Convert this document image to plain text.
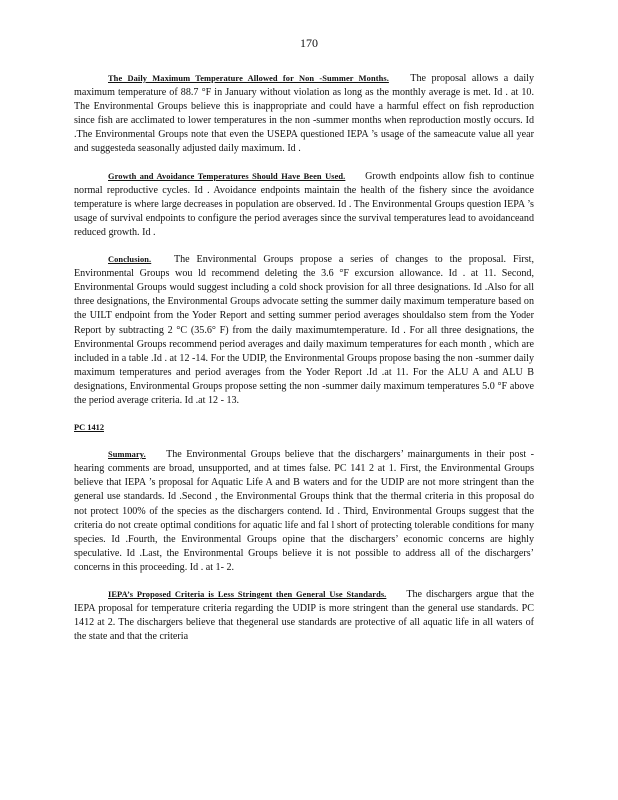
170

The Daily Maximum Temperature Allowed for Non -Summer Months. The proposal allows a daily maximum temperature of 88.7 °F in January without violation as long as the monthly average is met. Id . at 10. The Environmental Groups believe this is inappropriate and could have a harmful effect on fish reproduction since fish are acclimated to lower temperatures in the non -summer months when reproduction mostly occurs. Id .The Environmental Groups note that even the USEPA questioned IEPA ’s usage of the sameacute value all year and suggesteda seasonally adjusted daily maximum. Id .

Growth and Avoidance Temperatures Should Have Been Used. Growth endpoints allow fish to continue normal reproductive cycles. Id . Avoidance endpoints maintain the health of the fishery since the avoidance temperature is where large decreases in population are observed. Id . The Environmental Groups question IEPA ’s usage of survival endpoints to configure the period averages since the survival temperatures lead to avoidanceand reduced growth. Id .

Conclusion. The Environmental Groups propose a series of changes to the proposal. First, Environmental Groups wou ld recommend deleting the 3.6 °F excursion allowance. Id . at 11. Second, Environmental Groups would suggest including a cold shock provision for all three designations. Id .Also for all three designations, the Environmental Groups advocate setting the summer daily maximum temperature based on the UILT endpoint from the Yoder Report and setting summer period averages shouldalso stem from the Yoder Report by subtracting 2 °C (35.6° F) from the daily maximumtemperature. Id . For all three designations, the Environmental Groups recommend period averages and daily maximum temperatures for each month , which are included in a table .Id . at 12 -14. For the UDIP, the Environmental Groups propose basing the non -summer daily maximum temperatures and period averages from the Yoder Report .Id .at 11. For the ALU A and ALU B designations, Environmental Groups propose setting the non -summer daily maximum temperatures 5.0 °F above the period average criteria. Id .at 12 - 13.

PC 1412

Summary. The Environmental Groups believe that the dischargers’ mainarguments in their post -hearing comments are broad, unsupported, and at times false. PC 141 2 at 1. First, the Environmental Groups believe that IEPA ’s proposal for Aquatic Life A and B waters and for the UDIP are not more stringent than the general use standards. Id .Second , the Environmental Groups think that the thermal criteria in this proposal do not protect 100% of the species as the dischargers contend. Id . Third, Environmental Groups suggest that the criteria do not create optimal conditions for aquatic life and fal l short of protecting tolerable conditions for many species. Id .Fourth, the Environmental Groups opine that the dischargers’ economic concerns are highly speculative. Id .Last, the Environmental Groups believe it is not possible to address all of the dischargers’ concerns in this proceeding. Id . at 1- 2.

IEPA’s Proposed Criteria is Less Stringent then General Use Standards. The dischargers argue that the IEPA proposal for temperature criteria regarding the UDIP is more stringent than the general use standards. PC 1412 at 2. The dischargers believe that thegeneral use standards are protective of all aquatic life in all waters of the state and that the criteria
